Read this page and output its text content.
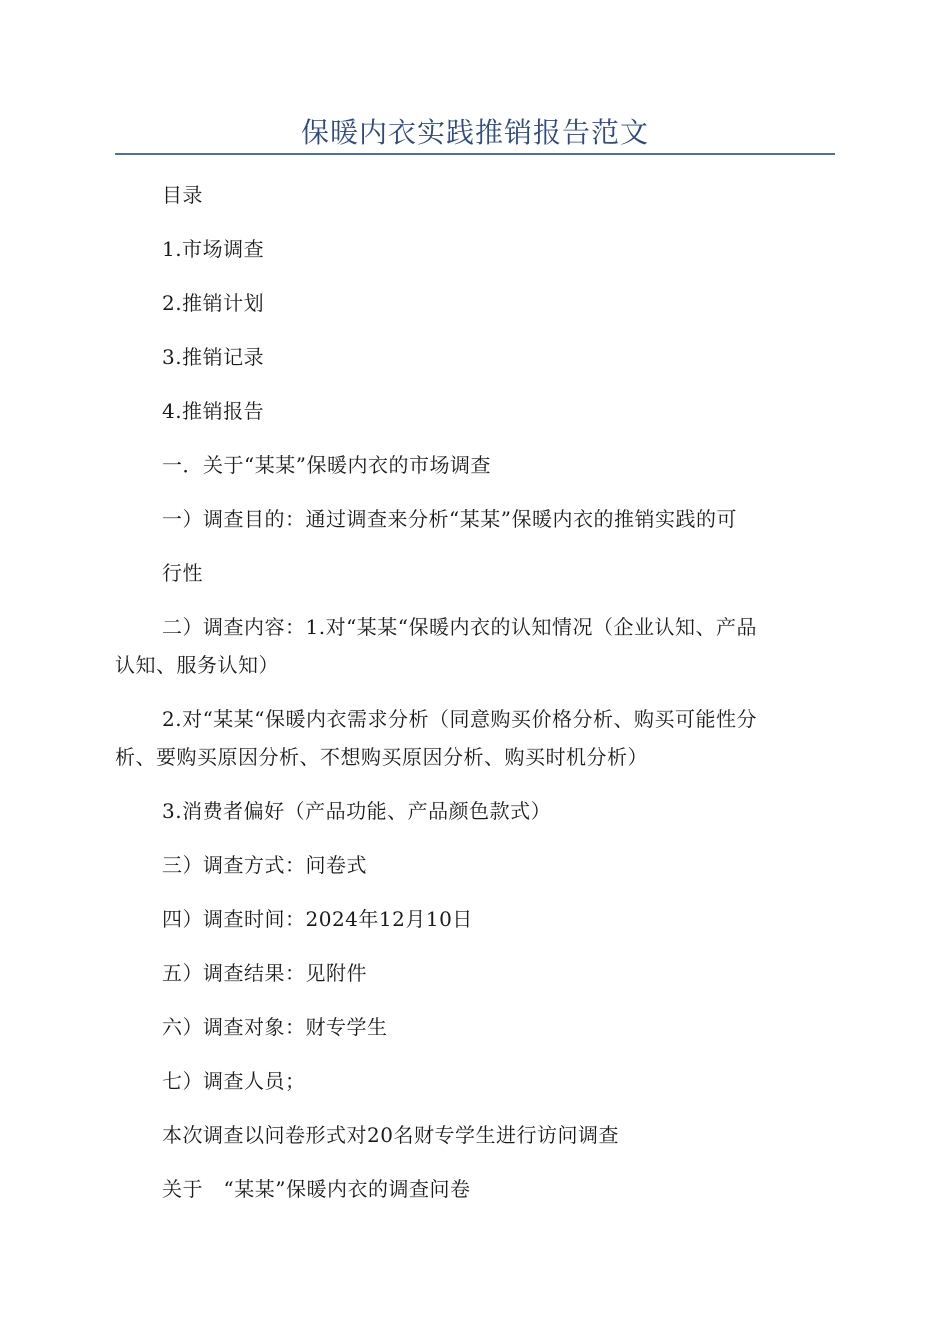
保暖内衣实践推销报告范文
目录
1.市场调查
2.推销计划
3.推销记录
4.推销报告
一．关于“某某”保暖内衣的市场调查
一）调查目的：通过调查来分析“某某”保暖内衣的推销实践的可
行性
二）调查内容：1.对“某某“保暖内衣的认知情况（企业认知、产品
认知、服务认知）
2.对“某某“保暖内衣需求分析（同意购买价格分析、购买可能性分
析、要购买原因分析、不想购买原因分析、购买时机分析）
3.消费者偏好（产品功能、产品颜色款式）
三）调查方式：问卷式
四）调查时间：2024年12月10日
五）调查结果：见附件
六）调查对象：财专学生
七）调查人员；
本次调查以问卷形式对20名财专学生进行访问调查
关于　“某某”保暖内衣的调查问卷
